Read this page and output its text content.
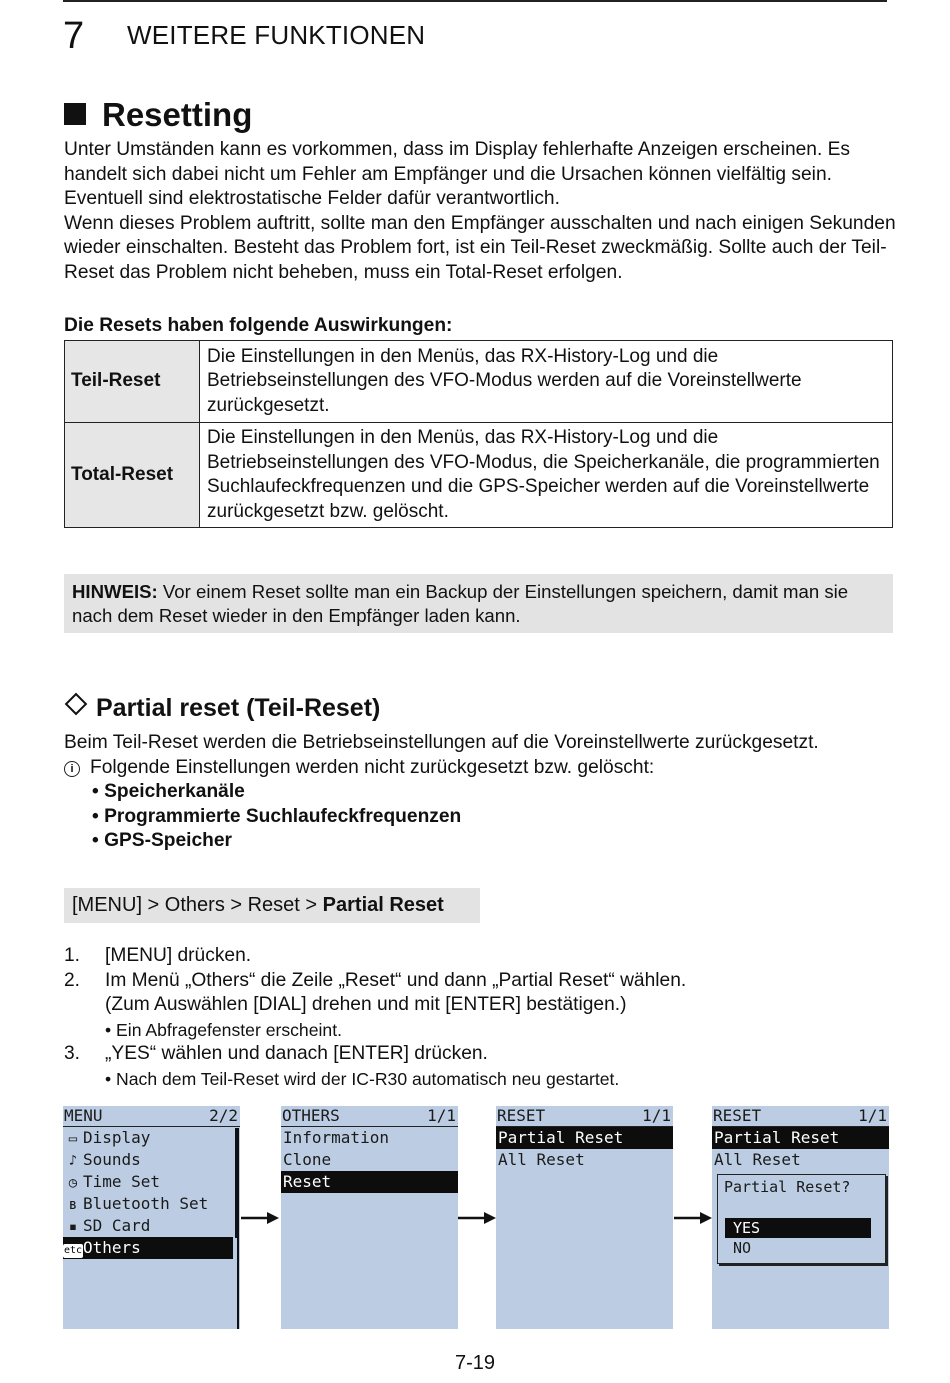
7 WEITERE FUNKTIONEN
Resetting

Unter Umständen kann es vorkommen, dass im Display fehlerhafte Anzeigen erscheinen. Es handelt sich dabei nicht um Fehler am Empfänger und die Ursachen können vielfältig sein. Eventuell sind elektrostatische Felder dafür verantwortlich.

Wenn dieses Problem auftritt, sollte man den Empfänger ausschalten und nach einigen Sekunden wieder einschalten. Besteht das Problem fort, ist ein Teil-Reset zweckmäßig. Sollte auch der Teil-Reset das Problem nicht beheben, muss ein Total-Reset erfolgen.

Die Resets haben folgende Auswirkungen:
Teil-Reset	Die Einstellungen in den Menüs, das RX-History-Log und die Betriebseinstellungen des VFO-Modus werden auf die Voreinstellwerte zurückgesetzt.
Total-Reset	Die Einstellungen in den Menüs, das RX-History-Log und die Betriebseinstellungen des VFO-Modus, die Speicherkanäle, die programmierten Suchlaufeckfrequenzen und die GPS-Speicher werden auf die Voreinstellwerte zurückgesetzt bzw. gelöscht.
HINWEIS: Vor einem Reset sollte man ein Backup der Einstellungen speichern, damit man sie nach dem Reset wieder in den Empfänger laden kann.
Partial reset (Teil-Reset)

Beim Teil-Reset werden die Betriebseinstellungen auf die Voreinstellwerte zurückgesetzt.

i Folgende Einstellungen werden nicht zurückgesetzt bzw. gelöscht:

• Speicherkanäle
• Programmierte Suchlaufeckfrequenzen
• GPS-Speicher
[MENU] > Others > Reset > Partial Reset
1. [MENU] drücken.
2. Im Menü „Others“ die Zeile „Reset“ und dann „Partial Reset“ wählen.
(Zum Auswählen [DIAL] drehen und mit [ENTER] bestätigen.)
• Ein Abfragefenster erscheint.
3. „YES“ wählen und danach [ENTER] drücken.
• Nach dem Teil-Reset wird der IC-R30 automatisch neu gestartet.
MENU	2/2
▭ Display
♪ Sounds
◷ Time Set
ʙ Bluetooth Set
▪ SD Card
etcOthers
OTHERS	1/1
Information
Clone
Reset
RESET	1/1
Partial Reset
All Reset
RESET	1/1
Partial Reset
All Reset
Partial Reset?
YES
NO
7-19
